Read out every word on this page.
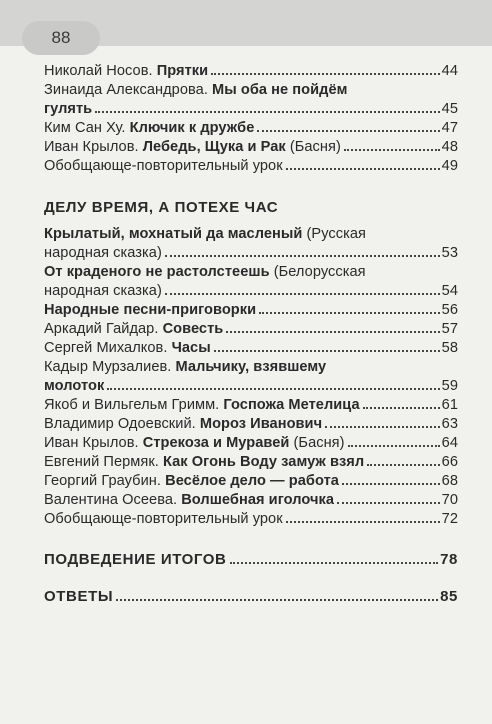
88
Николай Носов. Прятки	44
Зинаида Александрова. Мы оба не пойдём
гулять	45
Ким Сан Ху. Ключик к дружбе	47
Иван Крылов. Лебедь, Щука и Рак (Басня)	48
Обобщающе-повторительный урок	49
ДЕЛУ ВРЕМЯ, А ПОТЕХЕ ЧАС
Крылатый, мохнатый да масленый (Русская
народная сказка)	53
От краденого не растолстеешь (Белорусская
народная сказка)	54
Народные песни-приговорки	56
Аркадий Гайдар. Совесть	57
Сергей Михалков. Часы	58
Кадыр Мурзалиев. Мальчику, взявшему
молоток	59
Якоб и Вильгельм Гримм. Госпожа Метелица	61
Владимир Одоевский. Мороз Иванович	63
Иван Крылов. Стрекоза и Муравей (Басня)	64
Евгений Пермяк. Как Огонь Воду замуж взял	66
Георгий Граубин. Весёлое дело — работа	68
Валентина Осеева. Волшебная иголочка	70
Обобщающе-повторительный урок	72
ПОДВЕДЕНИЕ ИТОГОВ	78
ОТВЕТЫ	85
